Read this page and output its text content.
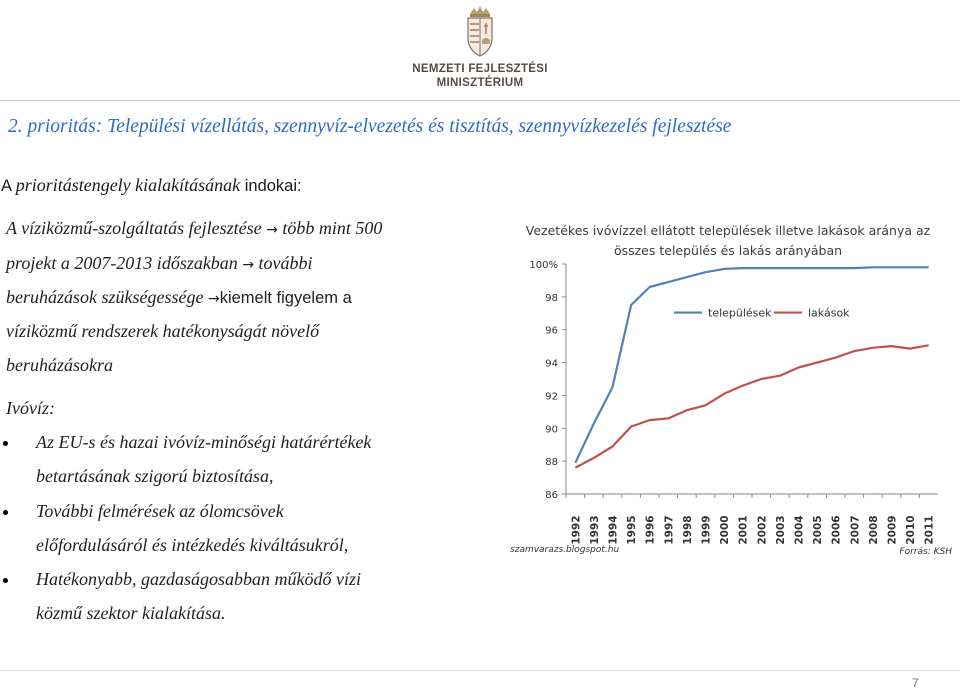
NEMZETI FEJLESZTÉSI
MINISZTÉRIUM
2. prioritás: Települési vízellátás, szennyvíz-elvezetés és tisztítás, szennyvízkezelés fejlesztése
A prioritástengely kialakításának indokai:
A víziközmű-szolgáltatás fejlesztése → több mint 500
projekt a 2007-2013 időszakban → további
beruházások szükségessége →kiemelt figyelem a
víziközmű rendszerek hatékonyságát növelő
beruházásokra
Ivóvíz:
Az EU-s és hazai ivóvíz-minőségi határértékek
betartásának szigorú biztosítása,
További felmérések az ólomcsövek
előfordulásáról és intézkedés kiváltásukról,
Hatékonyabb, gazdaságosabban működő vízi
közmű szektor kialakítása.
Vezetékes ivóvízzel ellátott települések illetve lakások aránya az
összes település és lakás arányában
86
88
90
92
94
96
98
100%
1992 1993 1994 1995 1996 1997 1998 1999 2000 2001 2002 2003 2004 2005 2006 2007 2008 2009 2010 2011
települések	lakások
szamvarazs.blogspot.hu	Forrás: KSH
7
